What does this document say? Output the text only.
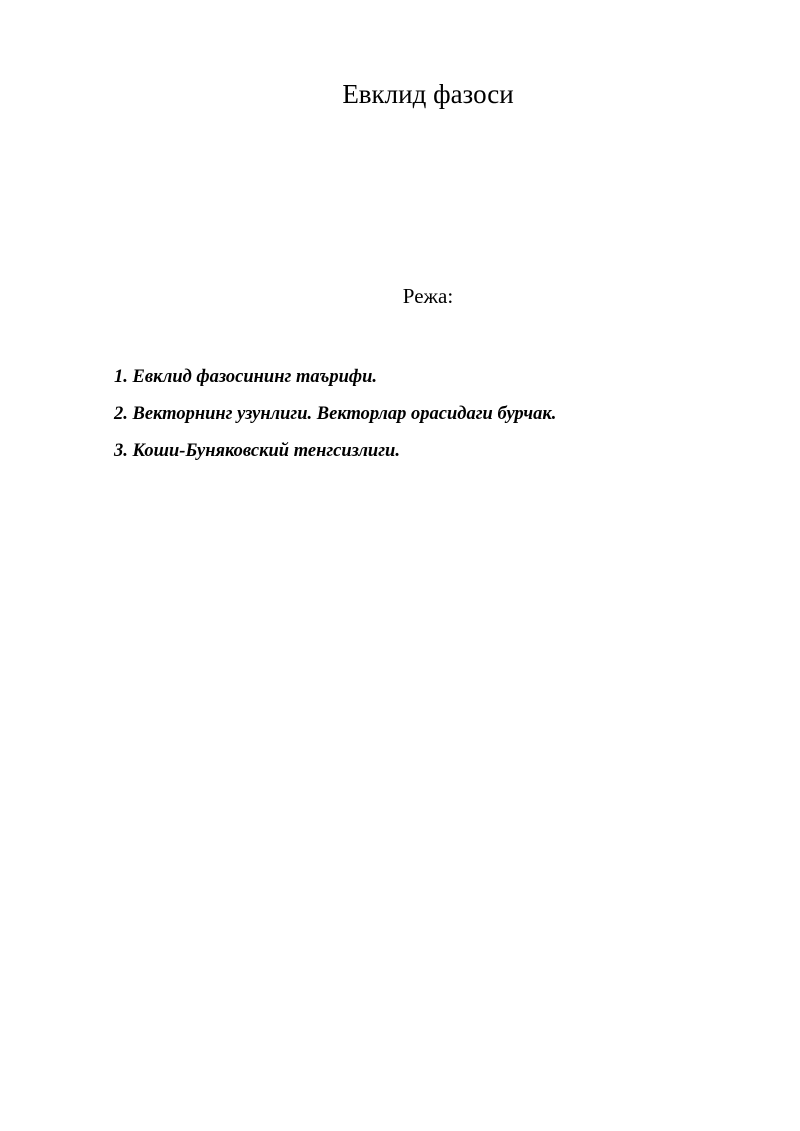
Евклид фазоси
Режа:
1. Евклид фазосининг таърифи.
2. Векторнинг узунлиги. Векторлар орасидаги бурчак.
3. Коши-Буняковский тенгсизлиги.
